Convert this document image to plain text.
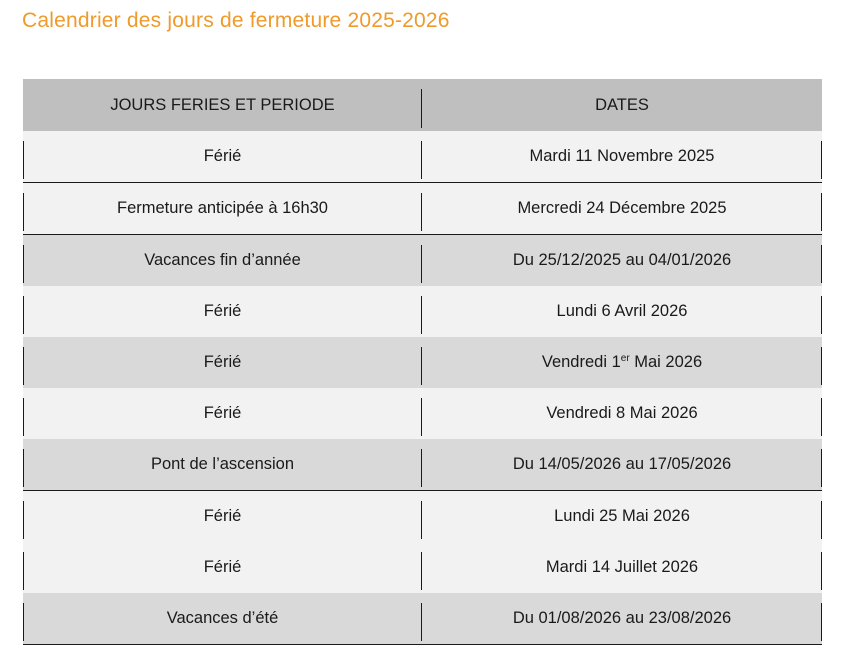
Calendrier des jours de fermeture 2025-2026
JOURS FERIES ET PERIODE	DATES

Férié	Mardi 11 Novembre 2025

Fermeture anticipée à 16h30	Mercredi 24 Décembre 2025

Vacances fin d’année	Du 25/12/2025 au 04/01/2026

Férié	Lundi 6 Avril 2026

Férié	Vendredi 1er Mai 2026

Férié	Vendredi 8 Mai 2026

Pont de l’ascension	Du 14/05/2026 au 17/05/2026

Férié	Lundi 25 Mai 2026

Férié	Mardi 14 Juillet 2026

Vacances d’été	Du 01/08/2026 au 23/08/2026
